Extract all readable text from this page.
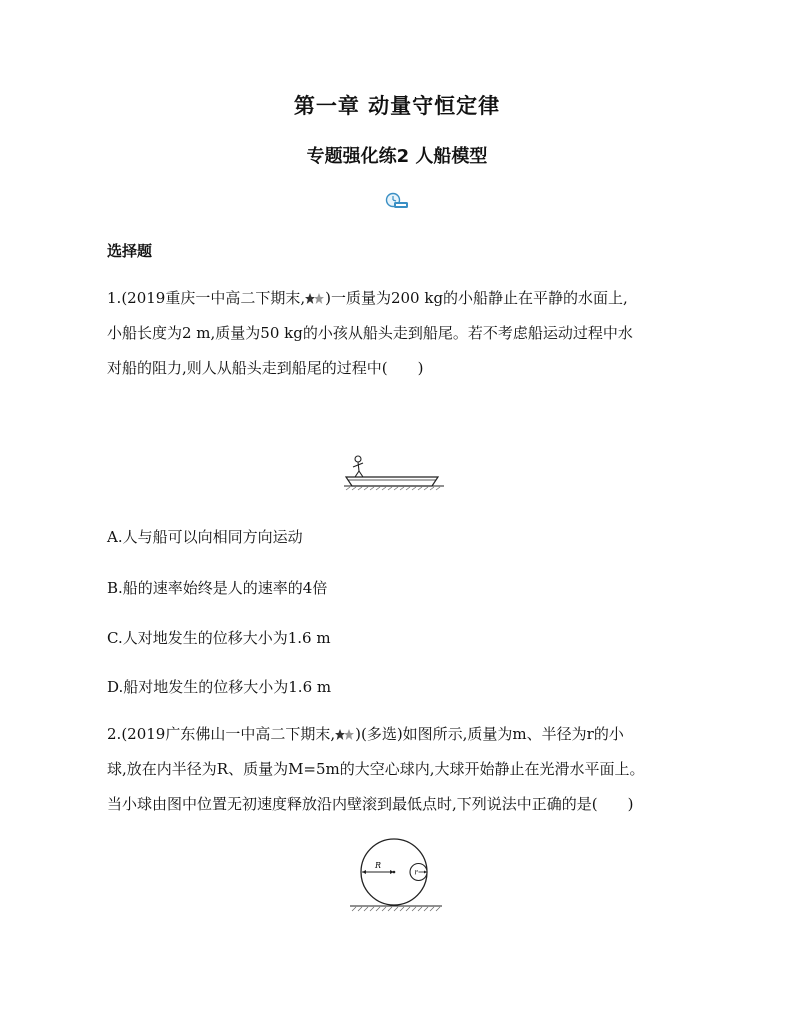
第一章 动量守恒定律
专题强化练2 人船模型
选择题
1.(2019重庆一中高二下期末, )一质量为200 kg的小船静止在平静的水面上,
小船长度为2 m,质量为50 kg的小孩从船头走到船尾。若不考虑船运动过程中水
对船的阻力,则人从船头走到船尾的过程中( )
A.人与船可以向相同方向运动
B.船的速率始终是人的速率的4倍
C.人对地发生的位移大小为1.6 m
D.船对地发生的位移大小为1.6 m
2.(2019广东佛山一中高二下期末, )(多选)如图所示,质量为m、半径为r的小
球,放在内半径为R、质量为M=5m的大空心球内,大球开始静止在光滑水平面上。
当小球由图中位置无初速度释放沿内壁滚到最低点时,下列说法中正确的是( )
R
r
